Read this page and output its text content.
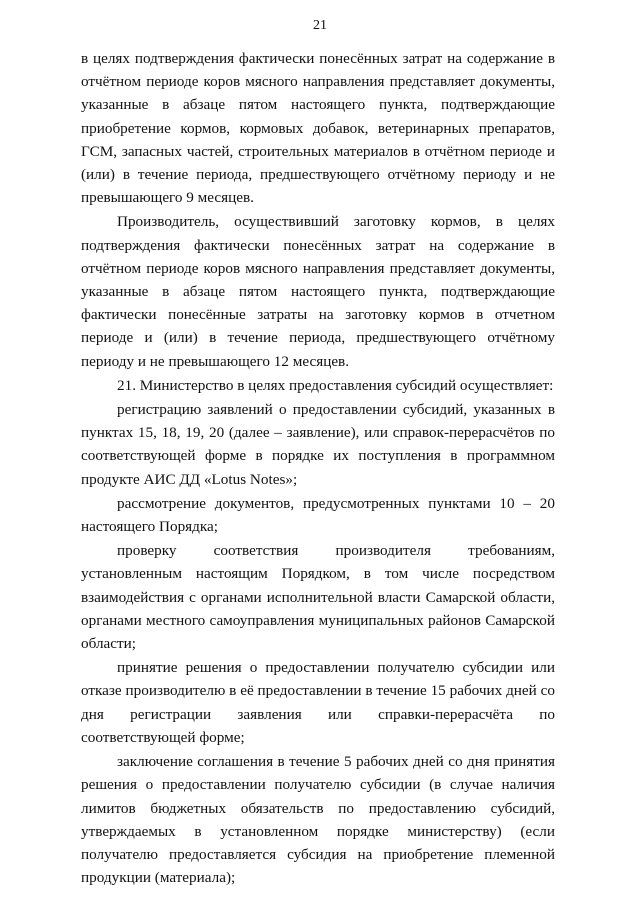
21

в целях подтверждения фактически понесённых затрат на содержание в отчётном периоде коров мясного направления представляет документы, указанные в абзаце пятом настоящего пункта, подтверждающие приобретение кормов, кормовых добавок, ветеринарных препаратов, ГСМ, запасных частей, строительных материалов в отчётном периоде и (или) в течение периода, предшествующего отчётному периоду и не превышающего 9 месяцев.

Производитель, осуществивший заготовку кормов, в целях подтверждения фактически понесённых затрат на содержание в отчётном периоде коров мясного направления представляет документы, указанные в абзаце пятом настоящего пункта, подтверждающие фактически понесённые затраты на заготовку кормов в отчетном периоде и (или) в течение периода, предшествующего отчётному периоду и не превышающего 12 месяцев.

21. Министерство в целях предоставления субсидий осуществляет:

регистрацию заявлений о предоставлении субсидий, указанных в пунктах 15, 18, 19, 20 (далее – заявление), или справок-перерасчётов по соответствующей форме в порядке их поступления в программном продукте АИС ДД «Lotus Notes»;

рассмотрение документов, предусмотренных пунктами 10 – 20 настоящего Порядка;

проверку соответствия производителя требованиям, установленным настоящим Порядком, в том числе посредством взаимодействия с органами исполнительной власти Самарской области, органами местного самоуправления муниципальных районов Самарской области;

принятие решения о предоставлении получателю субсидии или отказе производителю в её предоставлении в течение 15 рабочих дней со дня регистрации заявления или справки-перерасчёта по соответствующей форме;

заключение соглашения в течение 5 рабочих дней со дня принятия решения о предоставлении получателю субсидии (в случае наличия лимитов бюджетных обязательств по предоставлению субсидий, утверждаемых в установленном порядке министерству) (если получателю предоставляется субсидия на приобретение племенной продукции (материала);
